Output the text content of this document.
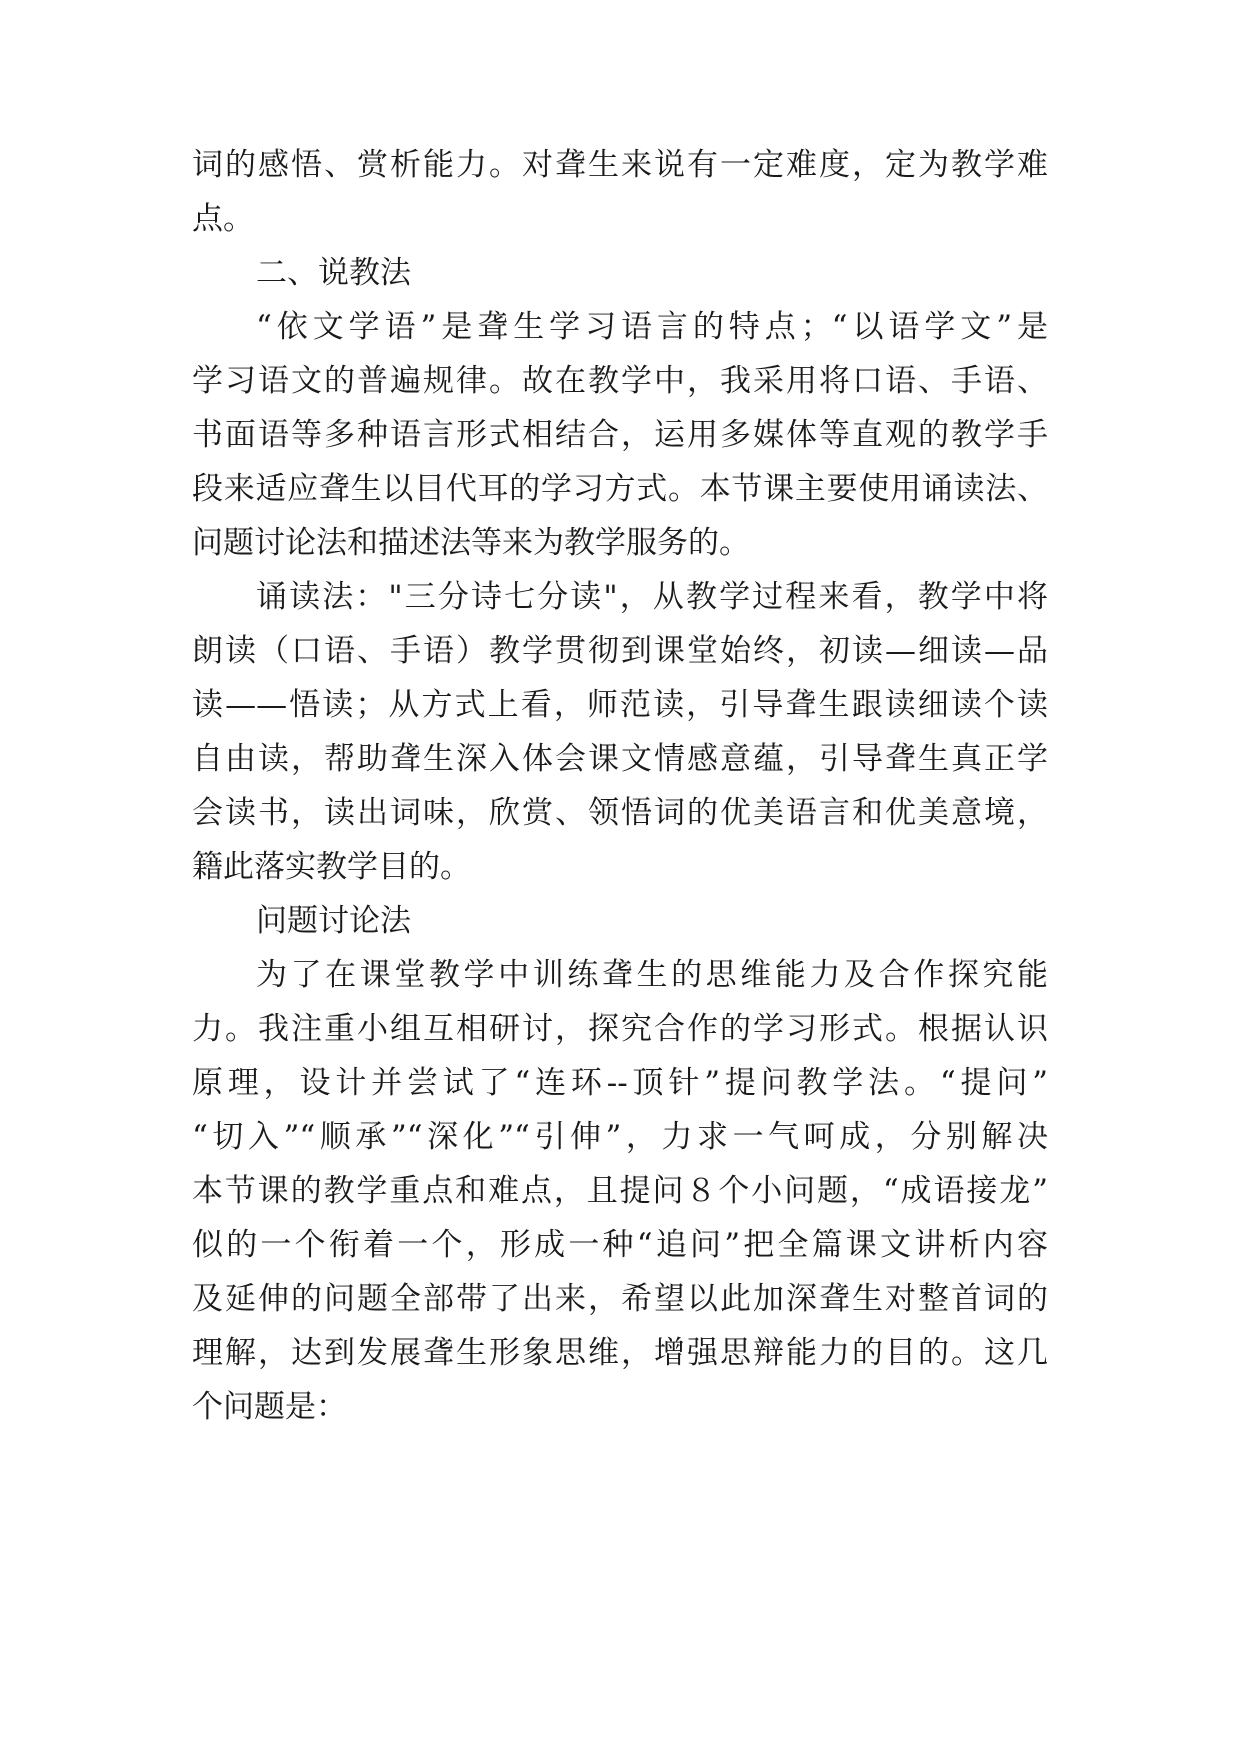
词的感悟、赏析能力。对聋生来说有一定难度，定为教学难
点。
二、说教法
“依文学语”是聋生学习语言的特点；“以语学文”是
学习语文的普遍规律。故在教学中，我采用将口语、手语、
书面语等多种语言形式相结合，运用多媒体等直观的教学手
段来适应聋生以目代耳的学习方式。本节课主要使用诵读法、
问题讨论法和描述法等来为教学服务的。
诵读法："三分诗七分读"，从教学过程来看，教学中将
朗读（口语、手语）教学贯彻到课堂始终，初读—细读—品
读——悟读；从方式上看，师范读，引导聋生跟读细读个读
自由读，帮助聋生深入体会课文情感意蕴，引导聋生真正学
会读书，读出词味，欣赏、领悟词的优美语言和优美意境，
籍此落实教学目的。
问题讨论法
为了在课堂教学中训练聋生的思维能力及合作探究能
力。我注重小组互相研讨，探究合作的学习形式。根据认识
原理，设计并尝试了“连环--顶针”提问教学法。“提问”
“切入”“顺承”“深化”“引伸”，力求一气呵成，分别解决
本节课的教学重点和难点，且提问８个小问题，“成语接龙”
似的一个衔着一个，形成一种“追问”把全篇课文讲析内容
及延伸的问题全部带了出来，希望以此加深聋生对整首词的
理解，达到发展聋生形象思维，增强思辩能力的目的。这几
个问题是：
